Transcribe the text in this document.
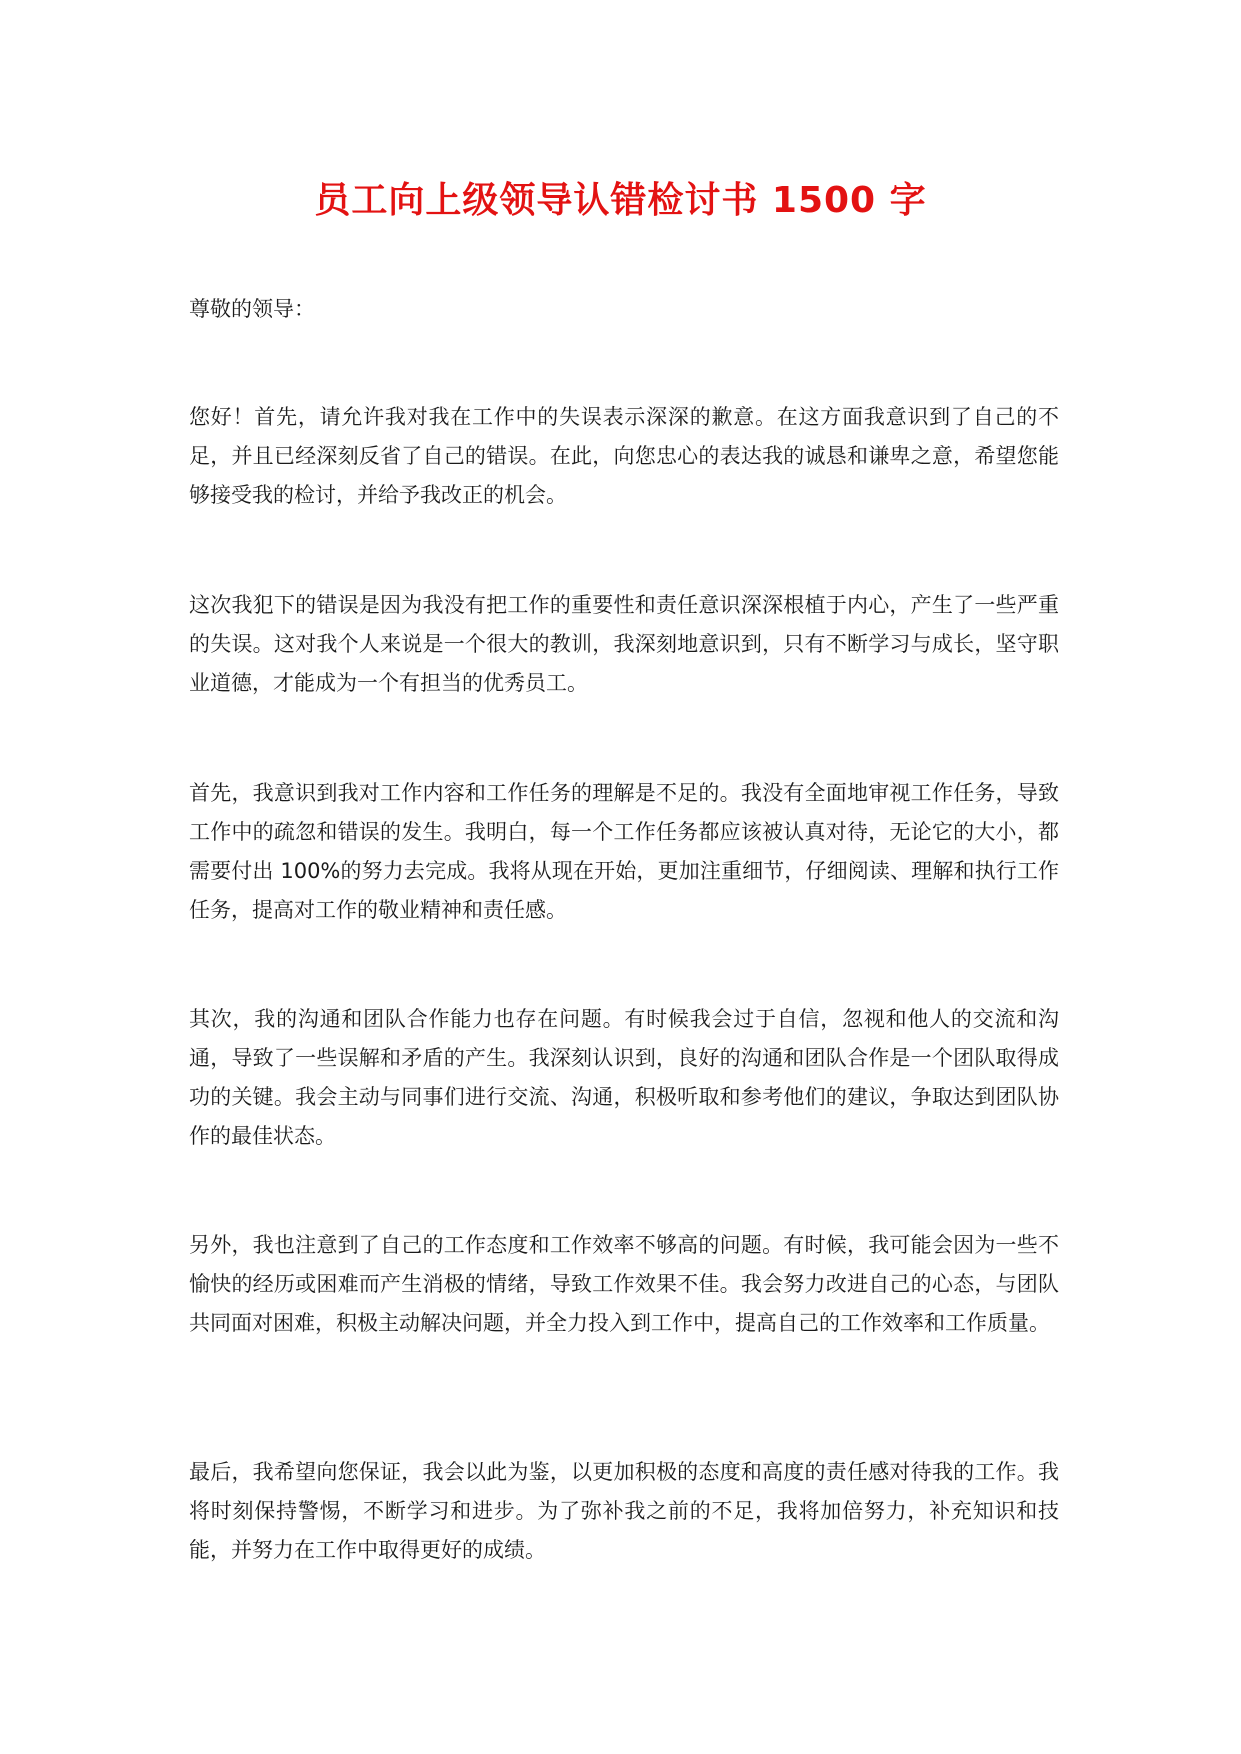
员工向上级领导认错检讨书 1500 字

尊敬的领导：

您好！首先，请允许我对我在工作中的失误表示深深的歉意。在这方面我意识到了自己的不足，并且已经深刻反省了自己的错误。在此，向您忠心的表达我的诚恳和谦卑之意，希望您能够接受我的检讨，并给予我改正的机会。

这次我犯下的错误是因为我没有把工作的重要性和责任意识深深根植于内心，产生了一些严重的失误。这对我个人来说是一个很大的教训，我深刻地意识到，只有不断学习与成长，坚守职业道德，才能成为一个有担当的优秀员工。

首先，我意识到我对工作内容和工作任务的理解是不足的。我没有全面地审视工作任务，导致工作中的疏忽和错误的发生。我明白，每一个工作任务都应该被认真对待，无论它的大小，都需要付出 100%的努力去完成。我将从现在开始，更加注重细节，仔细阅读、理解和执行工作任务，提高对工作的敬业精神和责任感。

其次，我的沟通和团队合作能力也存在问题。有时候我会过于自信，忽视和他人的交流和沟通，导致了一些误解和矛盾的产生。我深刻认识到，良好的沟通和团队合作是一个团队取得成功的关键。我会主动与同事们进行交流、沟通，积极听取和参考他们的建议，争取达到团队协作的最佳状态。

另外，我也注意到了自己的工作态度和工作效率不够高的问题。有时候，我可能会因为一些不愉快的经历或困难而产生消极的情绪，导致工作效果不佳。我会努力改进自己的心态，与团队共同面对困难，积极主动解决问题，并全力投入到工作中，提高自己的工作效率和工作质量。

最后，我希望向您保证，我会以此为鉴，以更加积极的态度和高度的责任感对待我的工作。我将时刻保持警惕，不断学习和进步。为了弥补我之前的不足，我将加倍努力，补充知识和技能，并努力在工作中取得更好的成绩。
